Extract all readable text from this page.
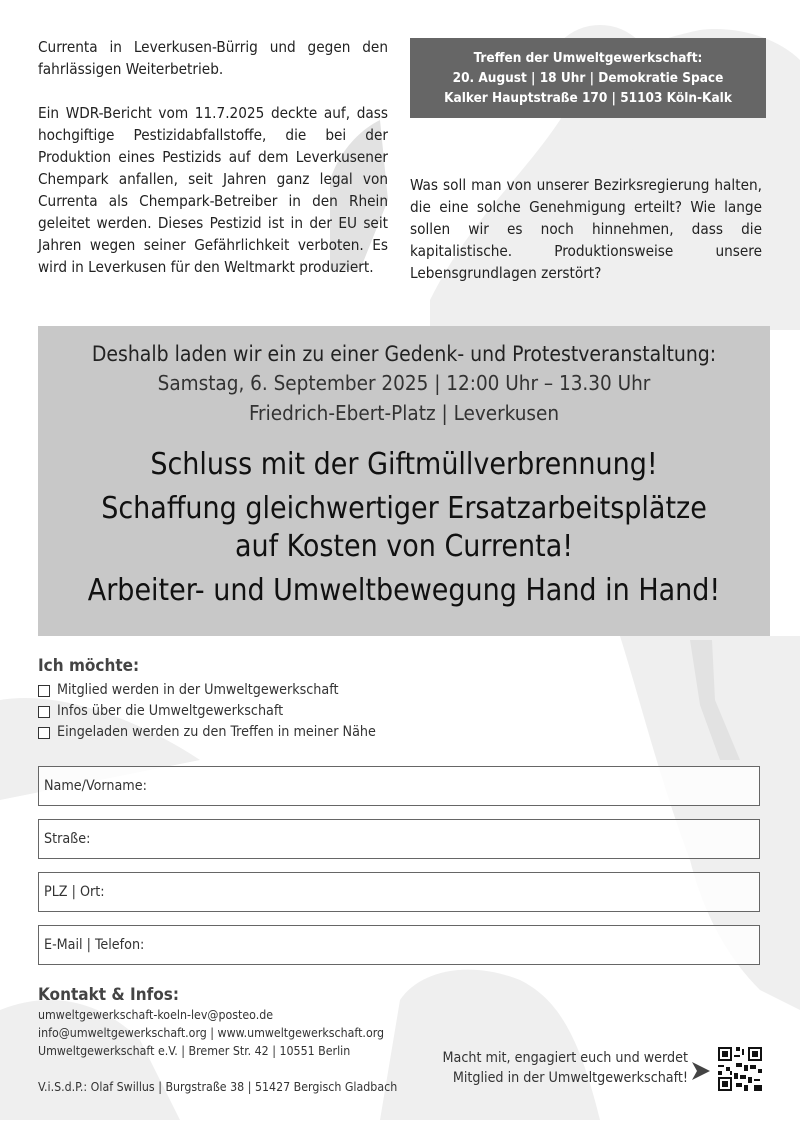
Currenta in Leverkusen-Bürrig und gegen den fahrlässigen Weiterbetrieb.

Ein WDR-Bericht vom 11.7.2025 deckte auf, dass hochgiftige Pestizidabfallstoffe, die bei der Produktion eines Pestizids auf dem Leverkusener Chempark anfallen, seit Jahren ganz legal von Currenta als Chempark-Betreiber in den Rhein geleitet werden. Dieses Pestizid ist in der EU seit Jahren wegen seiner Gefährlichkeit verboten. Es wird in Leverkusen für den Weltmarkt produziert.

Treffen der Umweltgewerkschaft:
20. August | 18 Uhr | Demokratie Space
Kalker Hauptstraße 170 | 51103 Köln-Kalk

Was soll man von unserer Bezirksregierung halten, die eine solche Genehmigung erteilt? Wie lange sollen wir es noch hinnehmen, dass die kapitalistische. Produktionsweise unsere Lebensgrundlagen zerstört?

Deshalb laden wir ein zu einer Gedenk- und Protestveranstaltung:
Samstag, 6. September 2025 | 12:00 Uhr – 13.30 Uhr
Friedrich-Ebert-Platz | Leverkusen
Schluss mit der Giftmüllverbrennung!
Schaffung gleichwertiger Ersatzarbeitsplätze
auf Kosten von Currenta!
Arbeiter- und Umweltbewegung Hand in Hand!
Ich möchte:
Mitglied werden in der Umweltgewerkschaft
Infos über die Umweltgewerkschaft
Eingeladen werden zu den Treffen in meiner Nähe
Name/Vorname:
Straße:
PLZ | Ort:
E-Mail | Telefon:
Kontakt & Infos:
umweltgewerkschaft-koeln-lev@posteo.de
info@umweltgewerkschaft.org | www.umweltgewerkschaft.org
Umweltgewerkschaft e.V. | Bremer Str. 42 | 10551 Berlin
V.i.S.d.P.: Olaf Swillus | Burgstraße 38 | 51427 Bergisch Gladbach
Macht mit, engagiert euch und werdet
Mitglied in der Umweltgewerkschaft!
